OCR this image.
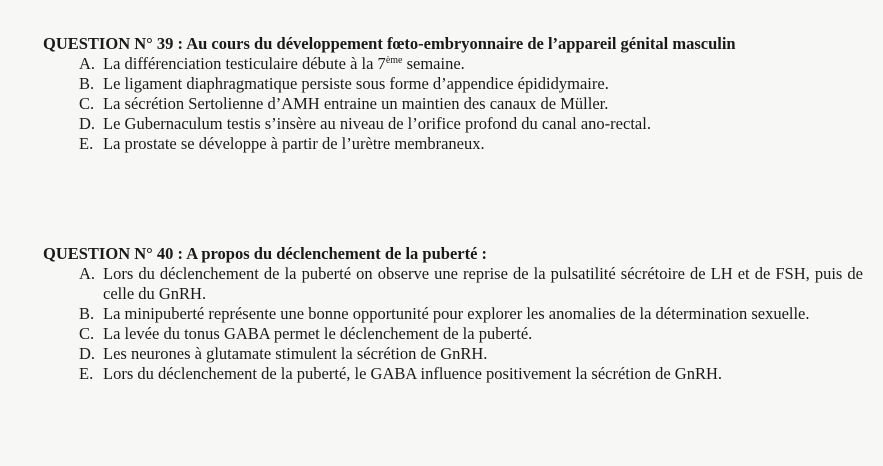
QUESTION N° 39 : Au cours du développement fœto-embryonnaire de l’appareil génital masculin

A. La différenciation testiculaire débute à la 7ème semaine.
B. Le ligament diaphragmatique persiste sous forme d’appendice épididymaire.
C. La sécrétion Sertolienne d’AMH entraine un maintien des canaux de Müller.
D. Le Gubernaculum testis s’insère au niveau de l’orifice profond du canal ano-rectal.
E. La prostate se développe à partir de l’urètre membraneux.

QUESTION N° 40 : A propos du déclenchement de la puberté :

A. Lors du déclenchement de la puberté on observe une reprise de la pulsatilité sécrétoire de LH et de FSH, puis de celle du GnRH.
B. La minipuberté représente une bonne opportunité pour explorer les anomalies de la détermination sexuelle.
C. La levée du tonus GABA permet le déclenchement de la puberté.
D. Les neurones à glutamate stimulent la sécrétion de GnRH.
E. Lors du déclenchement de la puberté, le GABA influence positivement la sécrétion de GnRH.
